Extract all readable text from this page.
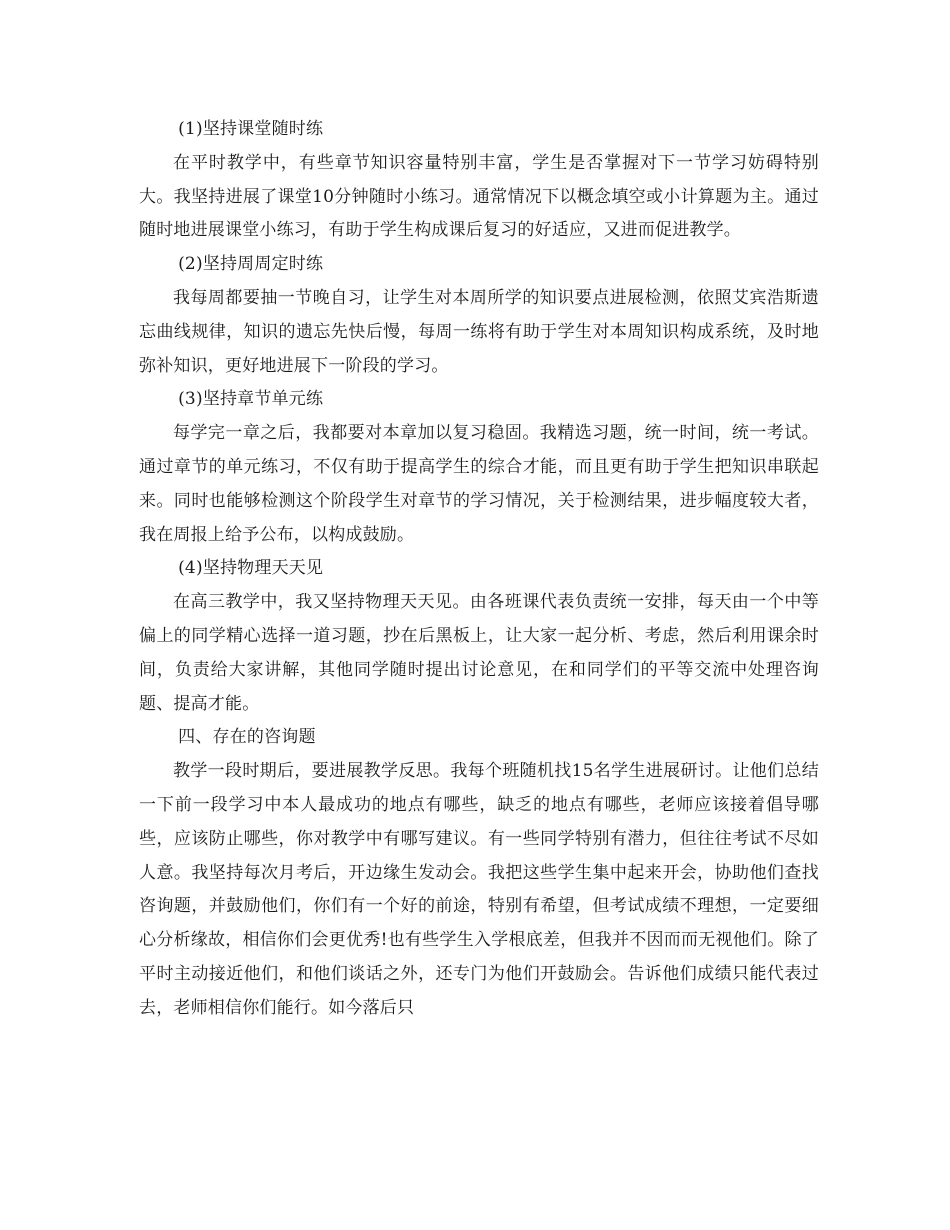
(1)坚持课堂随时练

在平时教学中，有些章节知识容量特别丰富，学生是否掌握对下一节学习妨碍特别大。我坚持进展了课堂10分钟随时小练习。通常情况下以概念填空或小计算题为主。通过随时地进展课堂小练习，有助于学生构成课后复习的好适应，又进而促进教学。

(2)坚持周周定时练

我每周都要抽一节晚自习，让学生对本周所学的知识要点进展检测，依照艾宾浩斯遗忘曲线规律，知识的遗忘先快后慢，每周一练将有助于学生对本周知识构成系统，及时地弥补知识，更好地进展下一阶段的学习。

(3)坚持章节单元练

每学完一章之后，我都要对本章加以复习稳固。我精选习题，统一时间，统一考试。通过章节的单元练习，不仅有助于提高学生的综合才能，而且更有助于学生把知识串联起来。同时也能够检测这个阶段学生对章节的学习情况，关于检测结果，进步幅度较大者，我在周报上给予公布，以构成鼓励。

(4)坚持物理天天见

在高三教学中，我又坚持物理天天见。由各班课代表负责统一安排，每天由一个中等偏上的同学精心选择一道习题，抄在后黑板上，让大家一起分析、考虑，然后利用课余时间，负责给大家讲解，其他同学随时提出讨论意见，在和同学们的平等交流中处理咨询题、提高才能。

四、存在的咨询题

教学一段时期后，要进展教学反思。我每个班随机找15名学生进展研讨。让他们总结一下前一段学习中本人最成功的地点有哪些，缺乏的地点有哪些，老师应该接着倡导哪些，应该防止哪些，你对教学中有哪写建议。有一些同学特别有潜力，但往往考试不尽如人意。我坚持每次月考后，开边缘生发动会。我把这些学生集中起来开会，协助他们查找咨询题，并鼓励他们，你们有一个好的前途，特别有希望，但考试成绩不理想，一定要细心分析缘故，相信你们会更优秀!也有些学生入学根底差，但我并不因而而无视他们。除了平时主动接近他们，和他们谈话之外，还专门为他们开鼓励会。告诉他们成绩只能代表过去，老师相信你们能行。如今落后只
